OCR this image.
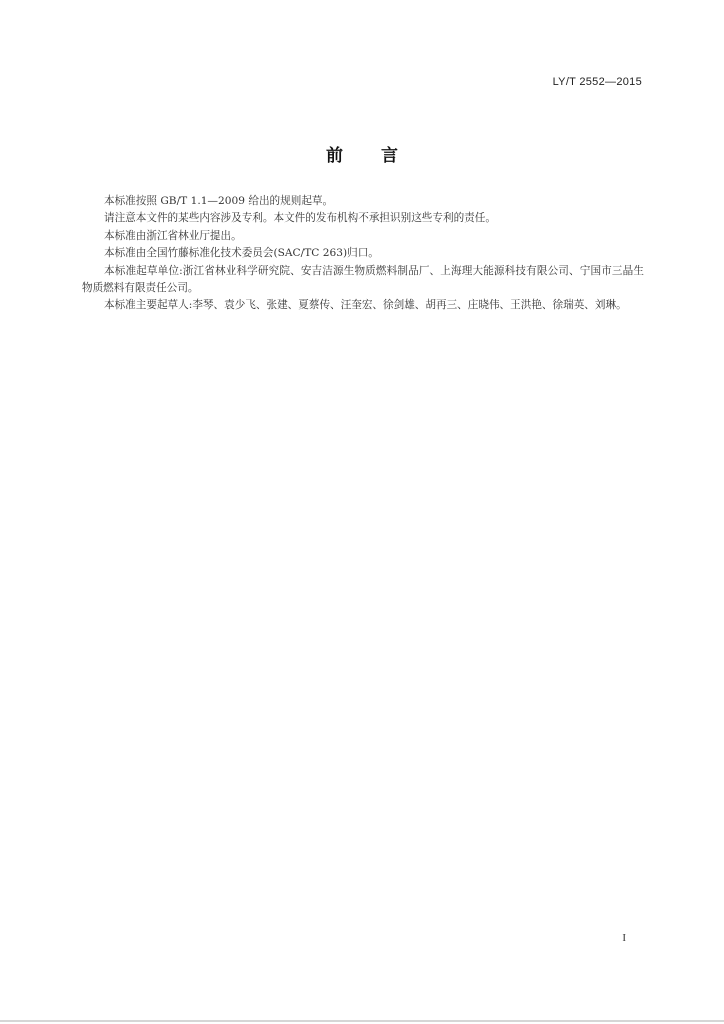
LY/T 2552—2015
前 言

本标准按照 GB/T 1.1—2009 给出的规则起草。

请注意本文件的某些内容涉及专利。本文件的发布机构不承担识别这些专利的责任。

本标准由浙江省林业厅提出。

本标准由全国竹藤标准化技术委员会(SAC/TC 263)归口。

本标准起草单位:浙江省林业科学研究院、安吉洁源生物质燃料制品厂、上海理大能源科技有限公司、宁国市三晶生物质燃料有限责任公司。

本标准主要起草人:李琴、袁少飞、张建、夏蔡传、汪奎宏、徐剑雄、胡再三、庄晓伟、王洪艳、徐瑞英、刘琳。

I
